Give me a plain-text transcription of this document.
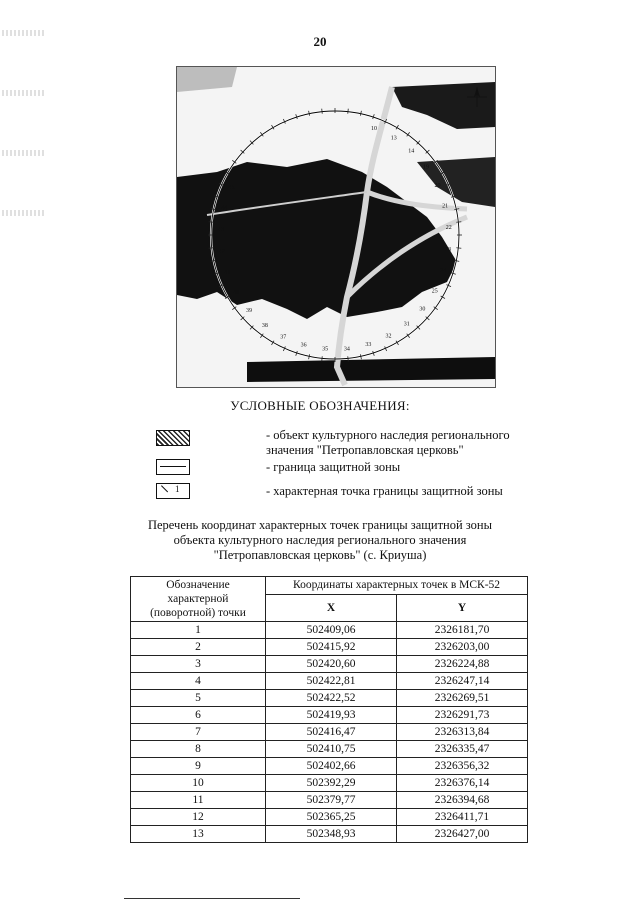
20
10
13
14
19
20
21
22
23
24
25
30
31
32
33
34
35
36
37
38
39
40
41
42
43
44
45
УСЛОВНЫЕ ОБОЗНАЧЕНИЯ:
- объект культурного наследия регионального
значения "Петропавловская церковь"
- граница защитной зоны
1	- характерная точка границы защитной зоны
Перечень координат характерных точек границы защитной зоны
объекта культурного наследия регионального значения
"Петропавловская церковь" (с. Криуша)
Обозначение характерной (поворотной) точки	Координаты характерных точек в МСК-52	
	X	Y
1	502409,06	2326181,70
2	502415,92	2326203,00
3	502420,60	2326224,88
4	502422,81	2326247,14
5	502422,52	2326269,51
6	502419,93	2326291,73
7	502416,47	2326313,84
8	502410,75	2326335,47
9	502402,66	2326356,32
10	502392,29	2326376,14
11	502379,77	2326394,68
12	502365,25	2326411,71
13	502348,93	2326427,00
